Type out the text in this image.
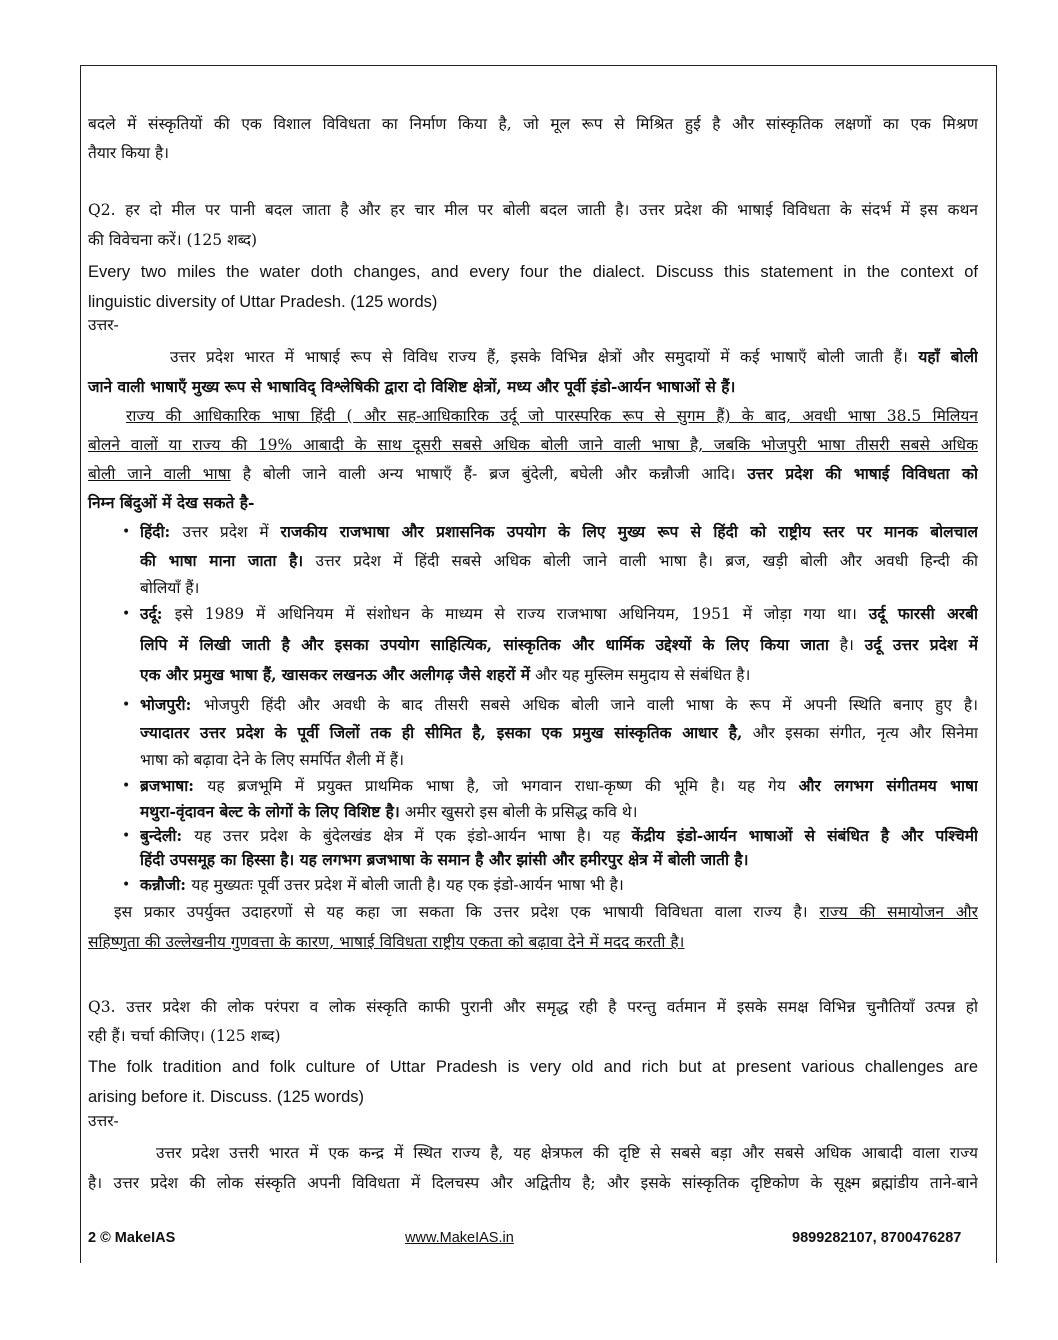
बदले में संस्कृतियों की एक विशाल विविधता का निर्माण किया है, जो मूल रूप से मिश्रित हुई है और सांस्कृतिक लक्षणों का एक मिश्रण
तैयार किया है।
Q2. हर दो मील पर पानी बदल जाता है और हर चार मील पर बोली बदल जाती है। उत्तर प्रदेश की भाषाई विविधता के संदर्भ में इस कथन
की विवेचना करें। (125 शब्द)
Every two miles the water doth changes, and every four the dialect. Discuss this statement in the context of
linguistic diversity of Uttar Pradesh. (125 words)
उत्तर-
उत्तर प्रदेश भारत में भाषाई रूप से विविध राज्य हैं, इसके विभिन्न क्षेत्रों और समुदायों में कई भाषाएँ बोली जाती हैं। यहाँ बोली
जाने वाली भाषाएँ मुख्य रूप से भाषाविद् विश्लेषिकी द्वारा दो विशिष्ट क्षेत्रों, मध्य और पूर्वी इंडो-आर्यन भाषाओं से हैं।
राज्य की आधिकारिक भाषा हिंदी ( और सह-आधिकारिक उर्दू जो पारस्परिक रूप से सुगम हैं) के बाद, अवधी भाषा 38.5 मिलियन
बोलने वालों या राज्य की 19% आबादी के साथ दूसरी सबसे अधिक बोली जाने वाली भाषा है, जबकि भोजपुरी भाषा तीसरी सबसे अधिक
बोली जाने वाली भाषा है बोली जाने वाली अन्य भाषाएँ हैं- ब्रज बुंदेली, बघेली और कन्नौजी आदि। उत्तर प्रदेश की भाषाई विविधता को
निम्न बिंदुओं में देख सकते है-
• हिंदी: उत्तर प्रदेश में राजकीय राजभाषा और प्रशासनिक उपयोग के लिए मुख्य रूप से हिंदी को राष्ट्रीय स्तर पर मानक बोलचाल
की भाषा माना जाता है। उत्तर प्रदेश में हिंदी सबसे अधिक बोली जाने वाली भाषा है। ब्रज, खड़ी बोली और अवधी हिन्दी की
बोलियाँ हैं।
• उर्दू: इसे 1989 में अधिनियम में संशोधन के माध्यम से राज्य राजभाषा अधिनियम, 1951 में जोड़ा गया था। उर्दू फारसी अरबी
लिपि में लिखी जाती है और इसका उपयोग साहित्यिक, सांस्कृतिक और धार्मिक उद्देश्यों के लिए किया जाता है। उर्दू उत्तर प्रदेश में
एक और प्रमुख भाषा हैं, खासकर लखनऊ और अलीगढ़ जैसे शहरों में और यह मुस्लिम समुदाय से संबंधित है।
• भोजपुरी: भोजपुरी हिंदी और अवधी के बाद तीसरी सबसे अधिक बोली जाने वाली भाषा के रूप में अपनी स्थिति बनाए हुए है।
ज्यादातर उत्तर प्रदेश के पूर्वी जिलों तक ही सीमित है, इसका एक प्रमुख सांस्कृतिक आधार है, और इसका संगीत, नृत्य और सिनेमा
भाषा को बढ़ावा देने के लिए समर्पित शैली में हैं।
• ब्रजभाषा: यह ब्रजभूमि में प्रयुक्त प्राथमिक भाषा है, जो भगवान राधा-कृष्ण की भूमि है। यह गेय और लगभग संगीतमय भाषा
मथुरा-वृंदावन बेल्ट के लोगों के लिए विशिष्ट है। अमीर खुसरो इस बोली के प्रसिद्ध कवि थे।
• बुन्देली: यह उत्तर प्रदेश के बुंदेलखंड क्षेत्र में एक इंडो-आर्यन भाषा है। यह केंद्रीय इंडो-आर्यन भाषाओं से संबंधित है और पश्चिमी
हिंदी उपसमूह का हिस्सा है। यह लगभग ब्रजभाषा के समान है और झांसी और हमीरपुर क्षेत्र में बोली जाती है।
• कन्नौजी: यह मुख्यतः पूर्वी उत्तर प्रदेश में बोली जाती है। यह एक इंडो-आर्यन भाषा भी है।
इस प्रकार उपर्युक्त उदाहरणों से यह कहा जा सकता कि उत्तर प्रदेश एक भाषायी विविधता वाला राज्य है। राज्य की समायोजन और
सहिष्णुता की उल्लेखनीय गुणवत्ता के कारण, भाषाई विविधता राष्ट्रीय एकता को बढ़ावा देने में मदद करती है।
Q3. उत्तर प्रदेश की लोक परंपरा व लोक संस्कृति काफी पुरानी और समृद्ध रही है परन्तु वर्तमान में इसके समक्ष विभिन्न चुनौतियाँ उत्पन्न हो
रही हैं। चर्चा कीजिए। (125 शब्द)
The folk tradition and folk culture of Uttar Pradesh is very old and rich but at present various challenges are
arising before it. Discuss. (125 words)
उत्तर-
उत्तर प्रदेश उत्तरी भारत में एक कन्द्र में स्थित राज्य है, यह क्षेत्रफल की दृष्टि से सबसे बड़ा और सबसे अधिक आबादी वाला राज्य
है। उत्तर प्रदेश की लोक संस्कृति अपनी विविधता में दिलचस्प और अद्वितीय है; और इसके सांस्कृतिक दृष्टिकोण के सूक्ष्म ब्रह्मांडीय ताने-बाने
2 © MakeIAS	www.MakeIAS.in	9899282107, 8700476287
